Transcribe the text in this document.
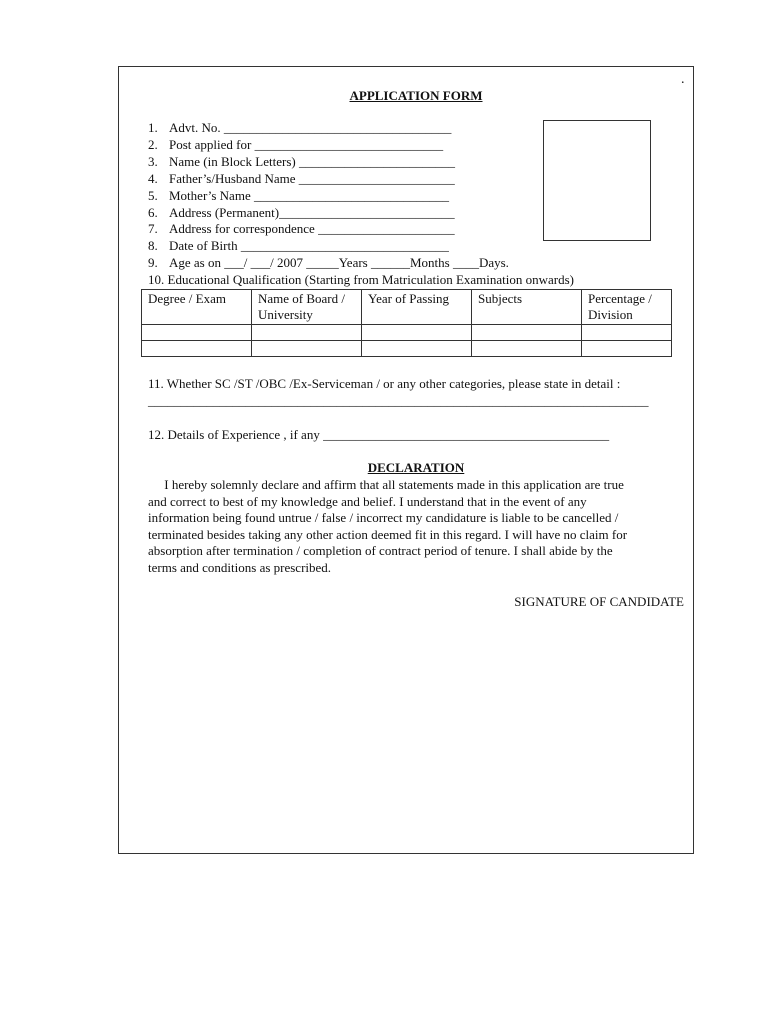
.
APPLICATION FORM
1. Advt. No. ___________________________________
2. Post applied for _____________________________
3. Name (in Block Letters) ________________________
4. Father’s/Husband Name ________________________
5. Mother’s Name ______________________________
6. Address (Permanent)___________________________
7. Address for correspondence _____________________
8. Date of Birth ________________________________
9. Age as on ___/ ___/ 2007 _____Years ______Months ____Days.
10. Educational Qualification (Starting from Matriculation Examination onwards)
Degree / Exam	Name of Board / University	Year of Passing	Subjects	Percentage / Division

11. Whether SC /ST /OBC /Ex-Serviceman / or any other categories, please state in detail :
_____________________________________________________________________________
12. Details of Experience , if any ____________________________________________
DECLARATION

I hereby solemnly declare and affirm that all statements made in this application are true
and correct to best of my knowledge and belief. I understand that in the event of any
information being found untrue / false / incorrect my candidature is liable to be cancelled /
terminated besides taking any other action deemed fit in this regard. I will have no claim for
absorption after termination / completion of contract period of tenure. I shall abide by the
terms and conditions as prescribed.

SIGNATURE OF CANDIDATE
